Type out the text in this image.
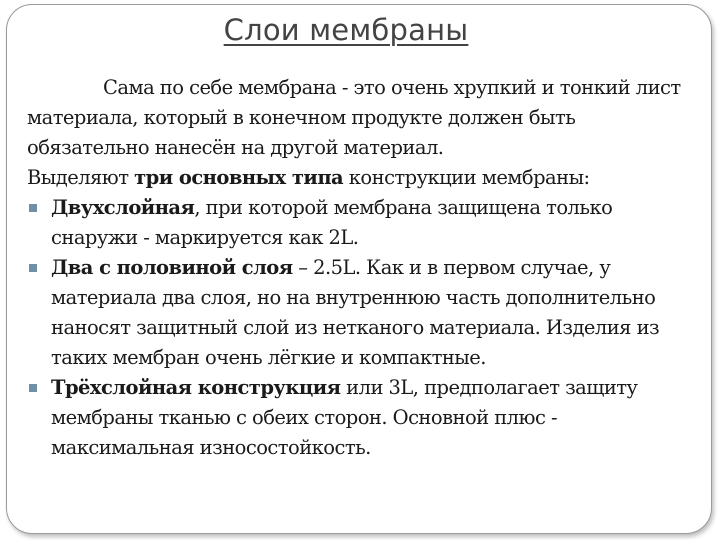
Слои мембраны

Сама по себе мембрана - это очень хрупкий и тонкий лист материала, который в конечном продукте должен быть обязательно нанесён на другой материал.

Выделяют три основных типа конструкции мембраны:

Двухслойная, при которой мембрана защищена только снаружи - маркируется как 2L.

Два с половиной слоя – 2.5L. Как и в первом случае, у материала два слоя, но на внутреннюю часть дополнительно наносят защитный слой из нетканого материала. Изделия из таких мембран очень лёгкие и компактные.

Трёхслойная конструкция или 3L, предполагает защиту мембраны тканью с обеих сторон. Основной плюс - максимальная износостойкость.
